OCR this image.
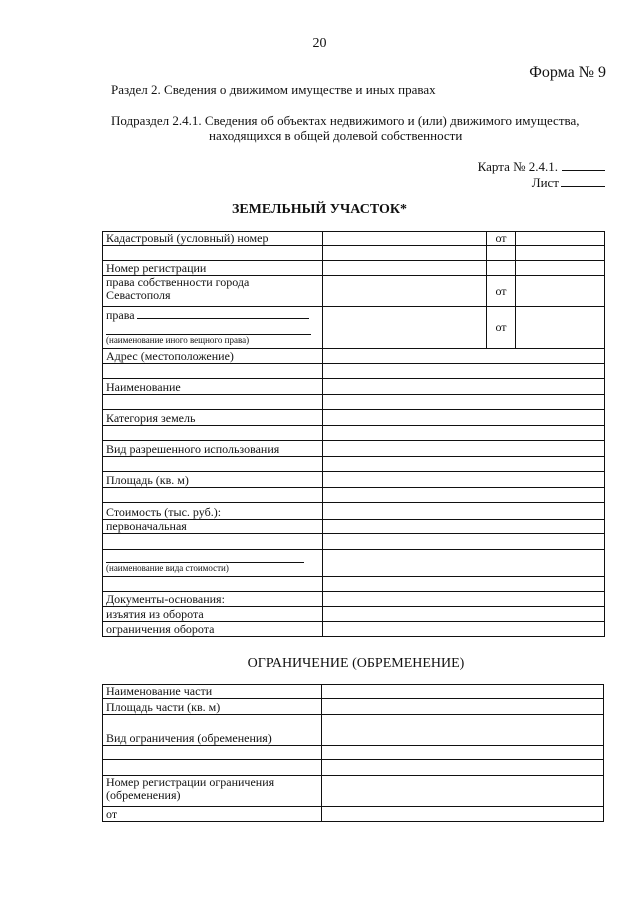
20
Форма № 9
Раздел 2. Сведения о движимом имуществе и иных правах
Подраздел 2.4.1. Сведения об объектах недвижимого и (или) движимого имущества,
находящихся в общей долевой собственности
Карта № 2.4.1.
Лист
ЗЕМЕЛЬНЫЙ УЧАСТОК*
Кадастровый (условный) номер		от	

Номер регистрации			
права собственности города
Севастополя		от	
права
(наименование иного вещного права)		от	
Адрес (местоположение)			

Наименование			

Категория земель			

Вид разрешенного использования			

Площадь (кв. м)			

Стоимость (тыс. руб.):			
первоначальная			

(наименование вида стоимости)			

Документы-основания:			
изъятия из оборота			
ограничения оборота			
ОГРАНИЧЕНИЕ (ОБРЕМЕНЕНИЕ)
Наименование части	
Площадь части (кв. м)	
Вид ограничения (обременения)	

Номер регистрации ограничения
(обременения)	
от	
